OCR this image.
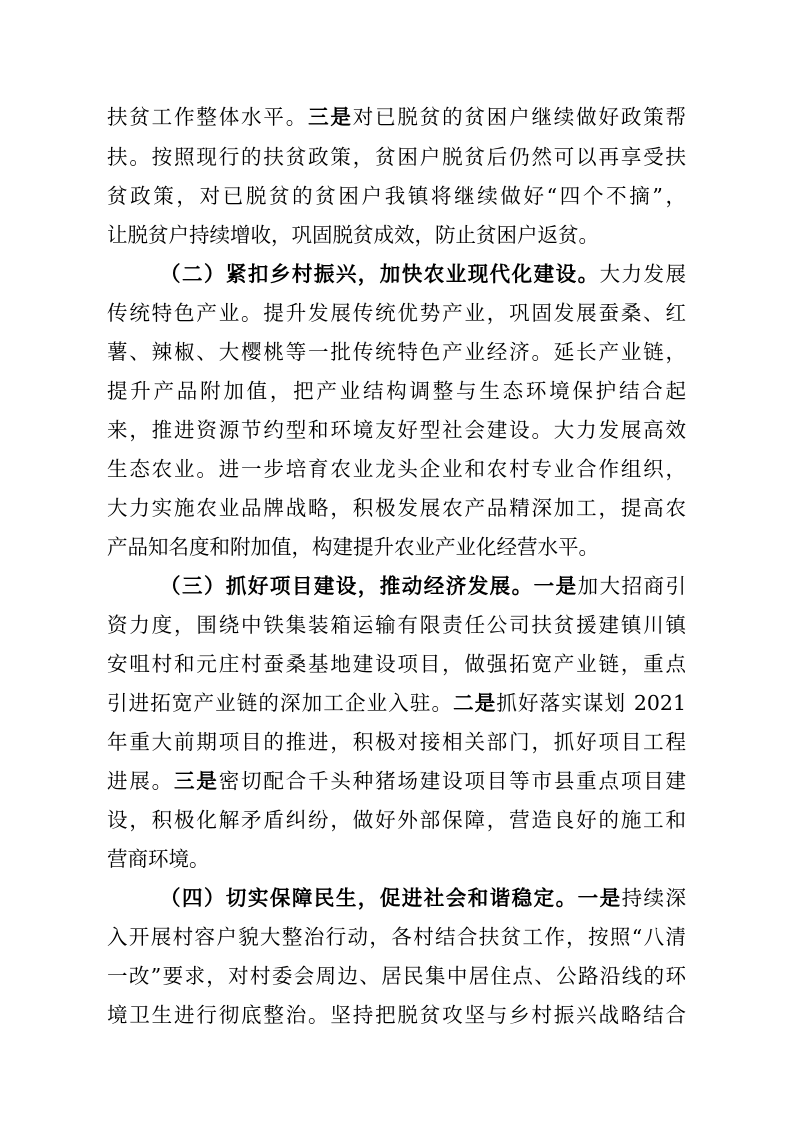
扶贫工作整体水平。三是对已脱贫的贫困户继续做好政策帮
扶。按照现行的扶贫政策，贫困户脱贫后仍然可以再享受扶
贫政策，对已脱贫的贫困户我镇将继续做好“四个不摘”，
让脱贫户持续增收，巩固脱贫成效，防止贫困户返贫。
（二）紧扣乡村振兴，加快农业现代化建设。大力发展
传统特色产业。提升发展传统优势产业，巩固发展蚕桑、红
薯、辣椒、大樱桃等一批传统特色产业经济。延长产业链，
提升产品附加值，把产业结构调整与生态环境保护结合起
来，推进资源节约型和环境友好型社会建设。大力发展高效
生态农业。进一步培育农业龙头企业和农村专业合作组织，
大力实施农业品牌战略，积极发展农产品精深加工，提高农
产品知名度和附加值，构建提升农业产业化经营水平。
（三）抓好项目建设，推动经济发展。一是加大招商引
资力度，围绕中铁集装箱运输有限责任公司扶贫援建镇川镇
安咀村和元庄村蚕桑基地建设项目，做强拓宽产业链，重点
引进拓宽产业链的深加工企业入驻。二是抓好落实谋划 2021
年重大前期项目的推进，积极对接相关部门，抓好项目工程
进展。三是密切配合千头种猪场建设项目等市县重点项目建
设，积极化解矛盾纠纷，做好外部保障，营造良好的施工和
营商环境。
（四）切实保障民生，促进社会和谐稳定。一是持续深
入开展村容户貌大整治行动，各村结合扶贫工作，按照“八清
一改”要求，对村委会周边、居民集中居住点、公路沿线的环
境卫生进行彻底整治。坚持把脱贫攻坚与乡村振兴战略结合
